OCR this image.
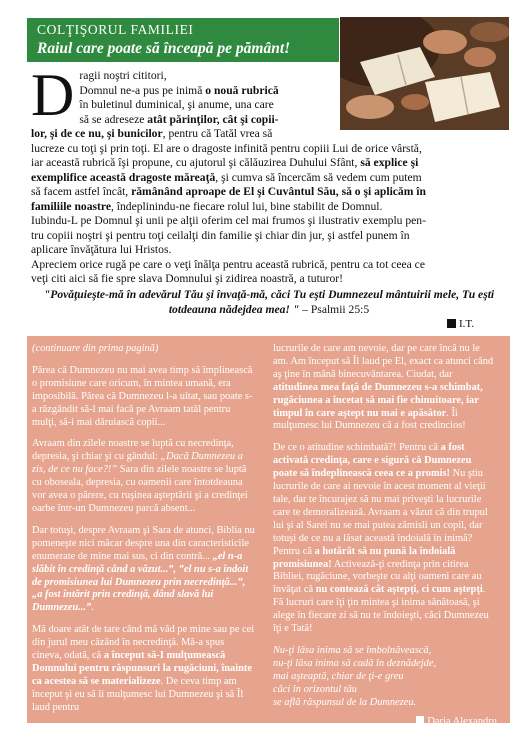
COLŢIŞORUL FAMILIEI
Raiul care poate să înceapă pe pământ!
D ragii noştri cititori,
Domnul ne-a pus pe inimă o nouă rubrică
în buletinul duminical, şi anume, una care
să se adreseze atât părinţilor, cât şi copii-
lor, şi de ce nu, şi bunicilor, pentru că Tatăl vrea să
lucreze cu toţi şi prin toţi. El are o dragoste infinită pentru copiii Lui de orice vârstă,
iar această rubrică îşi propune, cu ajutorul şi călăuzirea Duhului Sfânt, să explice şi
exemplifice această dragoste măreaţă, şi cumva să încercăm să vedem cum putem
să facem astfel încât, rămânând aproape de El şi Cuvântul Său, să o şi aplicăm în
familiile noastre, îndeplinindu-ne fiecare rolul lui, bine stabilit de Domnul.
Iubindu-L pe Domnul şi unii pe alţii oferim cel mai frumos şi ilustrativ exemplu pen-
tru copiii noştri şi pentru toţi ceilalţi din familie şi chiar din jur, şi astfel punem în
aplicare învăţătura lui Hristos.
Apreciem orice rugă pe care o veţi înălţa pentru această rubrică, pentru ca tot ceea ce
veţi citi aici să fie spre slava Domnului şi zidirea noastră, a tuturor!
"Povăţuieşte-mă în adevărul Tău şi învaţă-mă, căci Tu eşti Dumnezeul mântuirii mele, Tu eşti totdeauna nădejdea mea! " – Psalmii 25:5
I.T.

(continuare din prima pagină)

Părea că Dumnezeu nu mai avea timp să împlinească o promisiune care oricum, în mintea umană, era imposibilă. Părea că Dumnezeu l-a uitat, sau poate s-a răzgândit să-l mai facă pe Avraam tatăl pentru mulţi, să-i mai dăruiască copii...

Avraam din zilele noastre se luptă cu necredinţa, depresia, şi chiar şi cu gândul: „Dacă Dumnezeu a zis, de ce nu face?!” Sara din zilele noastre se luptă cu oboseala, depresia, cu oamenii care întotdeauna vor avea o părere, cu ruşinea aşteptării şi a credinţei oarbe într-un Dumnezeu parcă absent...

Dar totuşi, despre Avraam şi Sara de atunci, Biblia nu pomeneşte nici măcar despre una din caracteristicile enumerate de mine mai sus, ci din contră... „el n-a slăbit în credinţă când a văzut...”, ”el nu s-a îndoit de promisiunea lui Dumnezeu prin necredinţă...”, „a fost întărit prin credinţă, dând slavă lui Dumnezeu...”.

Mă doare atât de tare când mă văd pe mine sau pe cei din jurul meu căzând în necredinţă. Mă-a spus cineva, odată, că a început să-I mulţumească Domnului pentru răspunsuri la rugăciuni, înainte ca acestea să se materializeze. De ceva timp am început şi eu să îi mulţumesc lui Dumnezeu şi să Îl laud pentru

lucrurile de care am nevoie, dar pe care încă nu le am. Am început să Îl laud pe El, exact ca atunci când aş ţine în mână binecuvântarea. Ciudat, dar atitudinea mea faţă de Dumnezeu s-a schimbat, rugăciunea a încetat să mai fie chinuitoare, iar timpul în care aştept nu mai e apăsător. Îi mulţumesc lui Dumnezeu că a fost credincios!

De ce o atitudine schimbată?! Pentru că a fost activată credinţa, care e sigură că Dumnezeu poate să îndeplinească ceea ce a promis! Nu ştiu lucrurile de care ai nevoie în acest moment al vieţii tale, dar te încurajez să nu mai priveşti la lucrurile care te demoralizează. Avraam a văzut că din trupul lui şi al Sarei nu se mai putea zămisli un copil, dar totuşi de ce nu a lăsat această îndoială în inimă? Pentru că a hotărât să nu pună la îndoială promisiunea! Activează-ţi credinţa prin citirea Bibliei, rugăciune, vorbeşte cu alţi oameni care au învăţat că nu contează cât aştepţi, ci cum aştepţi. Fă lucruri care îţi ţin mintea şi inima sănătoasă, şi alege în fiecare zi să nu te îndoieşti, căci Dumnezeu îţi e Tată!

Nu-ţi lăsa inima să se îmbolnăvească,
nu-ţi lăsa inima să cadă în deznădejde,
mai aşteaptă, chiar de ţi-e greu
căci în orizontul tău
se află răspunsul de la Dumnezeu.

Daria Alexandru
